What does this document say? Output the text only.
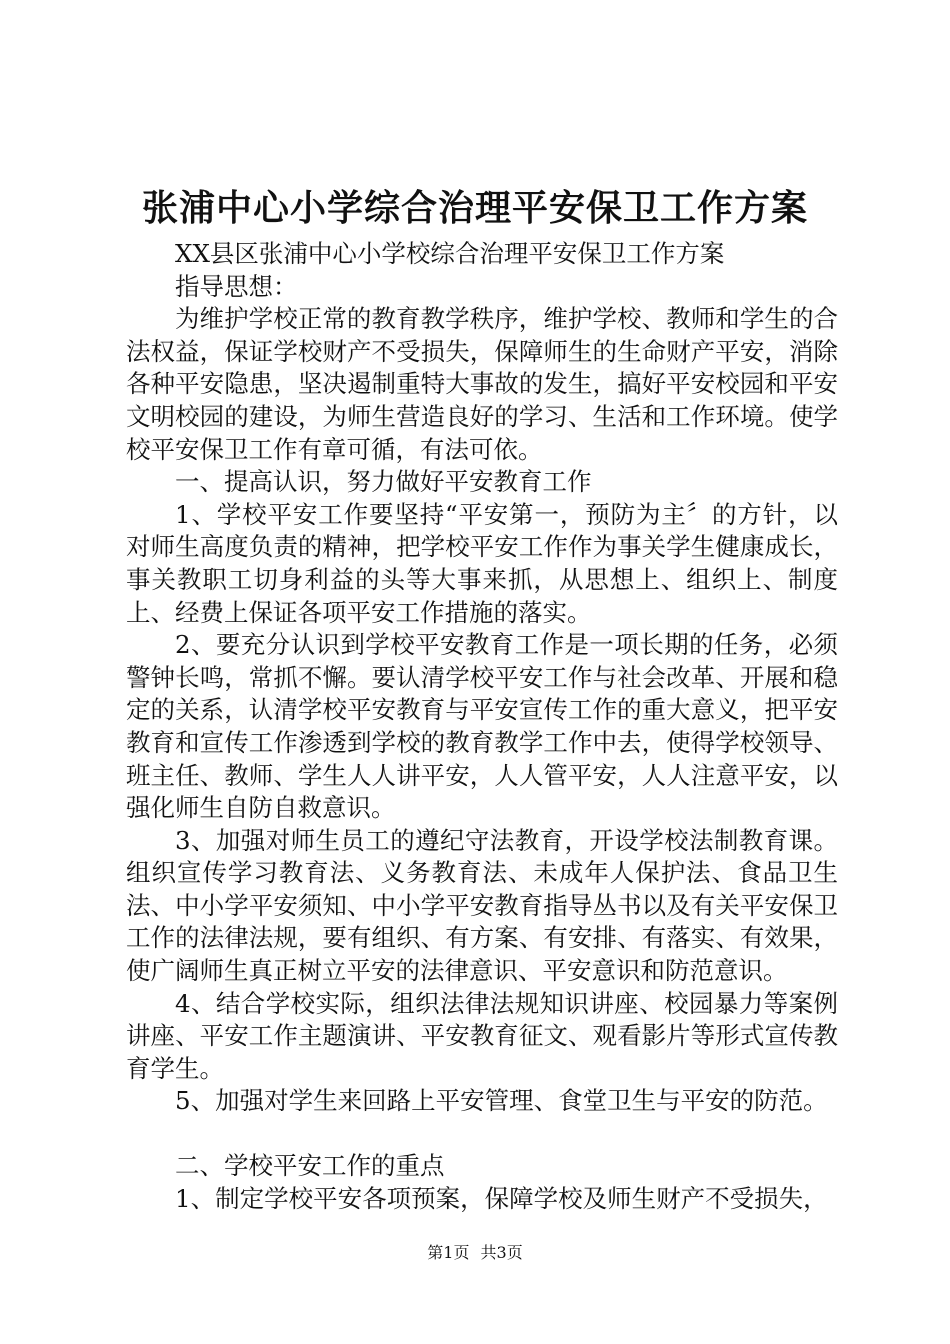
张浦中心小学综合治理平安保卫工作方案

XX县区张浦中心小学校综合治理平安保卫工作方案

指导思想：

为维护学校正常的教育教学秩序，维护学校、教师和学生的合法权益，保证学校财产不受损失，保障师生的生命财产平安，消除各种平安隐患，坚决遏制重特大事故的发生，搞好平安校园和平安文明校园的建设，为师生营造良好的学习、生活和工作环境。使学校平安保卫工作有章可循，有法可依。

一、提高认识，努力做好平安教育工作

1、学校平安工作要坚持“平安第一，预防为主〞的方针，以对师生高度负责的精神，把学校平安工作作为事关学生健康成长，事关教职工切身利益的头等大事来抓，从思想上、组织上、制度上、经费上保证各项平安工作措施的落实。

2、要充分认识到学校平安教育工作是一项长期的任务，必须警钟长鸣，常抓不懈。要认清学校平安工作与社会改革、开展和稳定的关系，认清学校平安教育与平安宣传工作的重大意义，把平安教育和宣传工作渗透到学校的教育教学工作中去，使得学校领导、班主任、教师、学生人人讲平安，人人管平安，人人注意平安，以强化师生自防自救意识。

3、加强对师生员工的遵纪守法教育，开设学校法制教育课。组织宣传学习教育法、义务教育法、未成年人保护法、食品卫生法、中小学平安须知、中小学平安教育指导丛书以及有关平安保卫工作的法律法规，要有组织、有方案、有安排、有落实、有效果，使广阔师生真正树立平安的法律意识、平安意识和防范意识。

4、结合学校实际，组织法律法规知识讲座、校园暴力等案例讲座、平安工作主题演讲、平安教育征文、观看影片等形式宣传教育学生。

5、加强对学生来回路上平安管理、食堂卫生与平安的防范。

二、学校平安工作的重点

1、制定学校平安各项预案，保障学校及师生财产不受损失，

第1页 共3页
